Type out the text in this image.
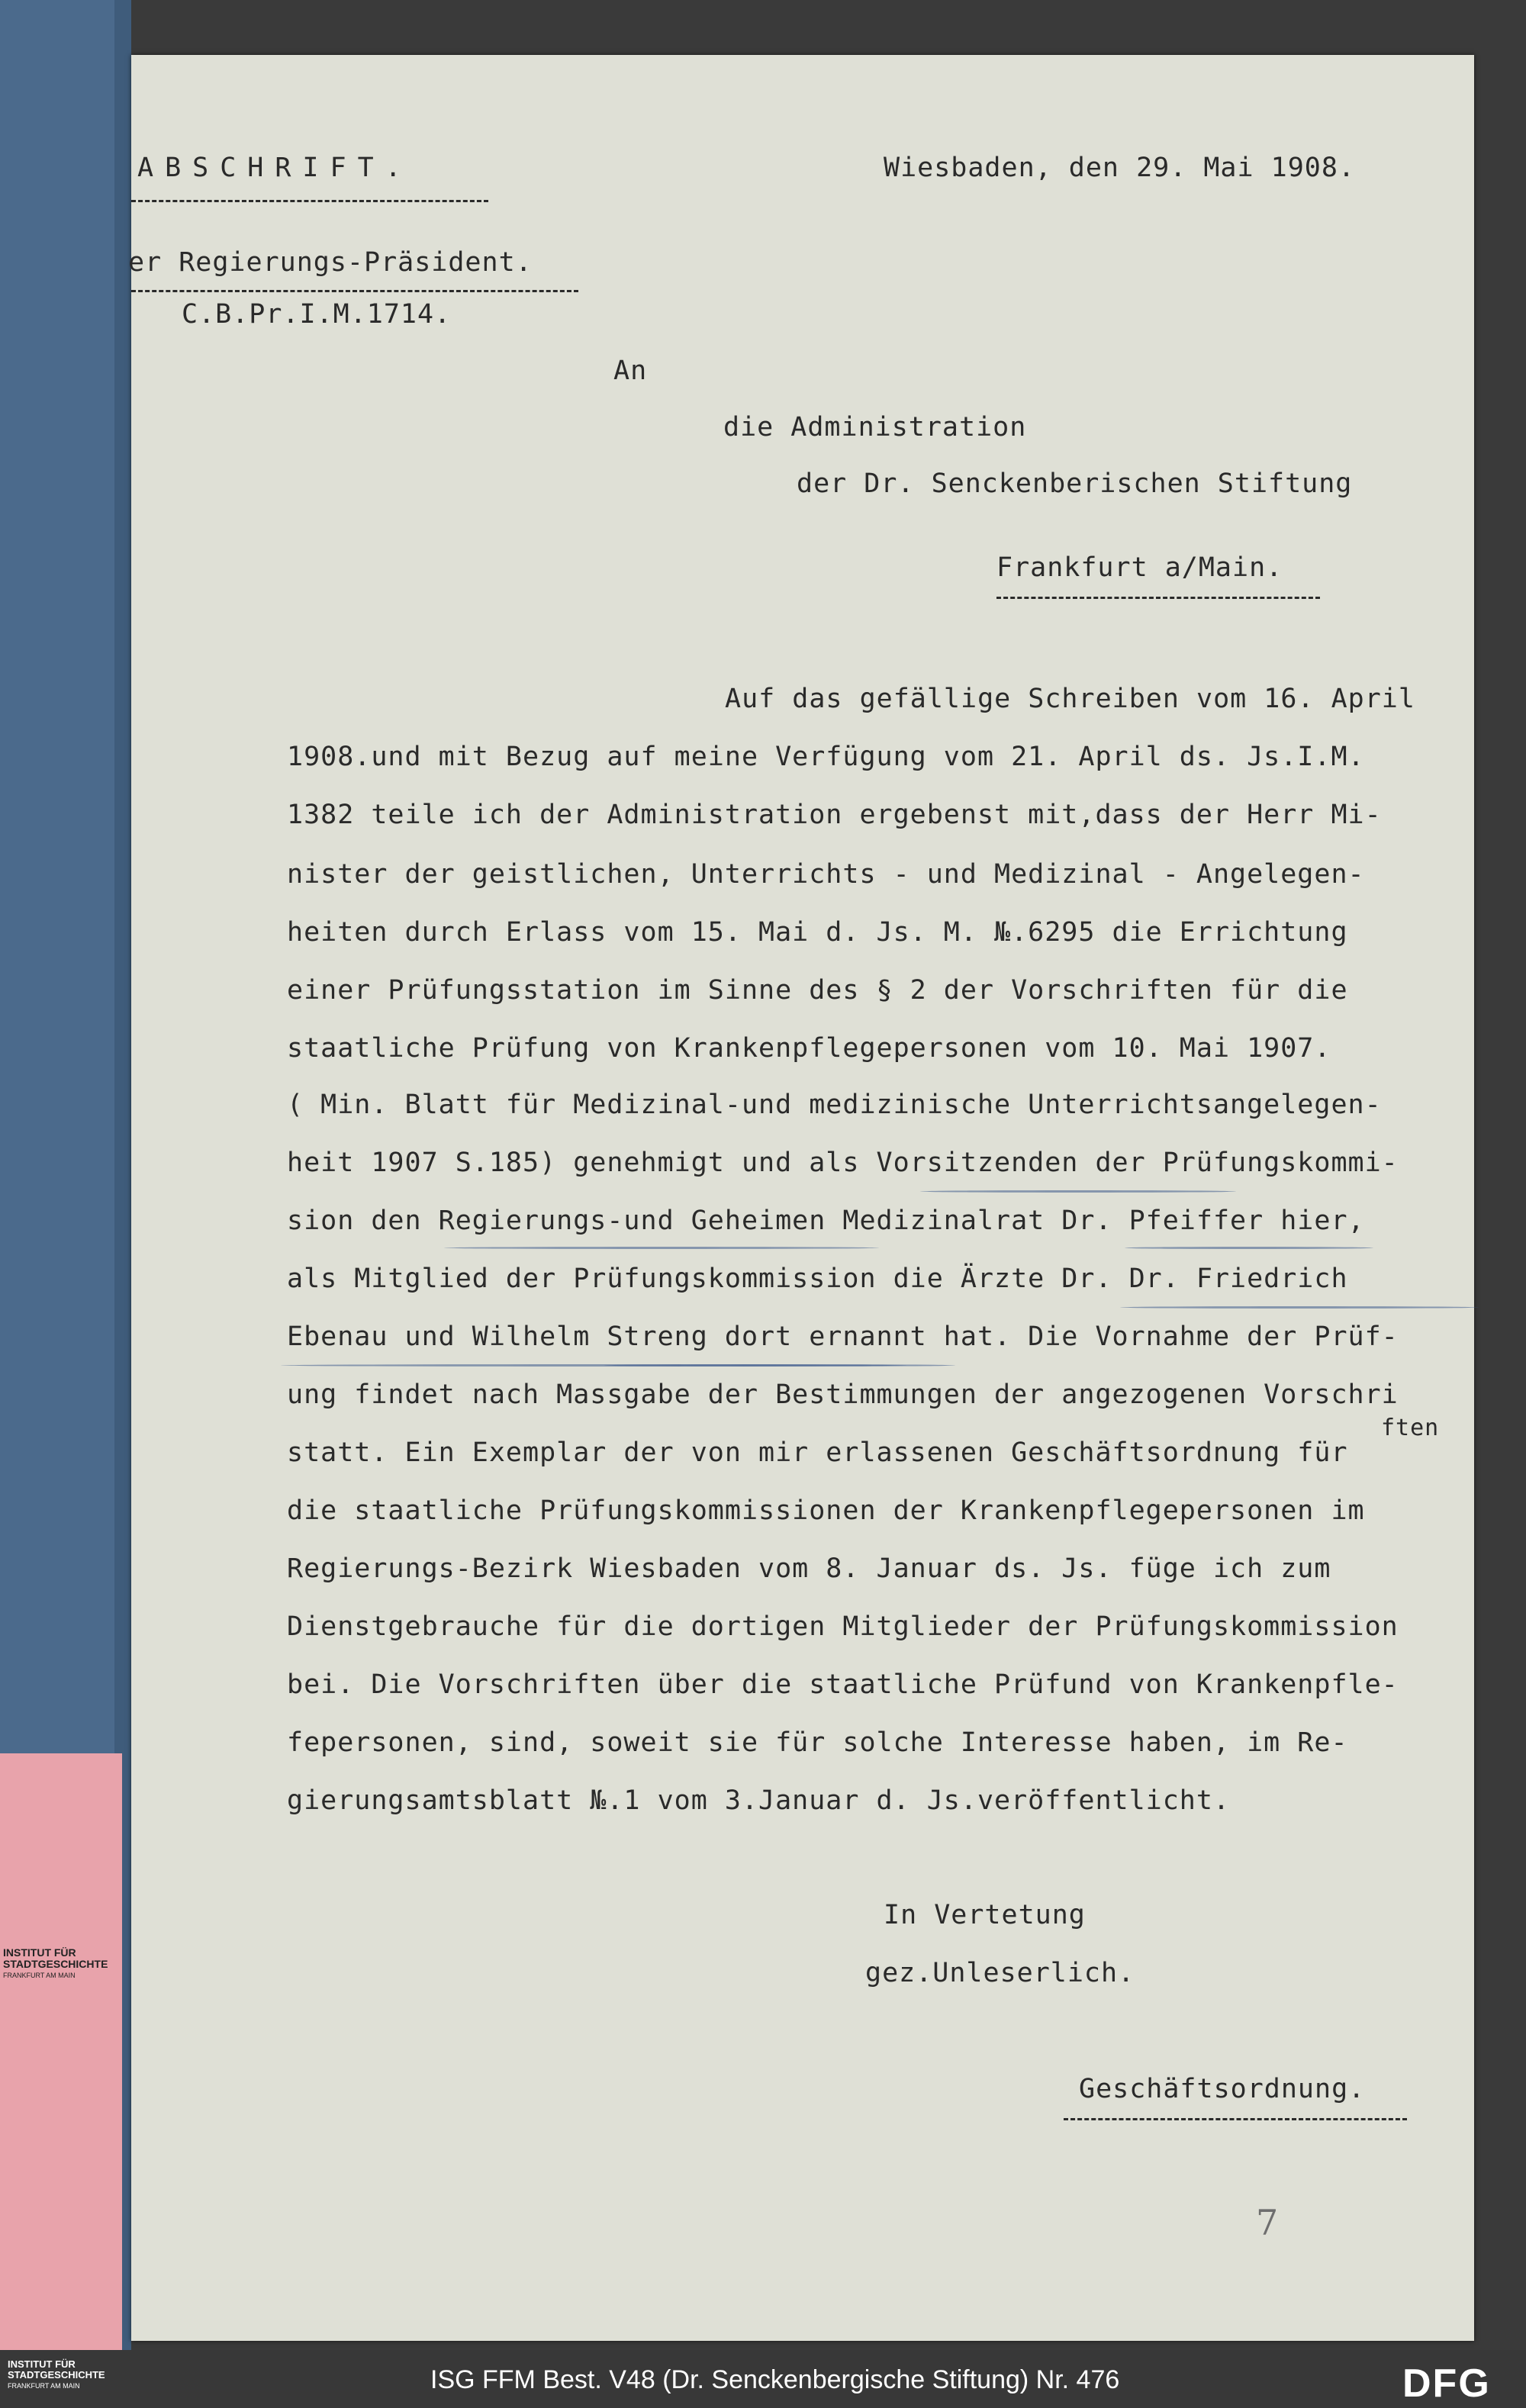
INSTITUT FÜR
STADTGESCHICHTE
FRANKFURT AM MAIN
ABSCHRIFT.	Wiesbaden, den 29. Mai 1908.
er Regierungs-Präsident.
C.B.Pr.I.M.1714.
An
die Administration
der Dr. Senckenberischen Stiftung
Frankfurt a/Main.
Auf das gefällige Schreiben vom 16. April
1908.und mit Bezug auf meine Verfügung vom 21. April ds. Js.I.M.
1382 teile ich der Administration ergebenst mit,dass der Herr Mi-
nister der geistlichen, Unterrichts - und Medizinal - Angelegen-
heiten durch Erlass vom 15. Mai d. Js. M. №.6295 die Errichtung
einer Prüfungsstation im Sinne des § 2 der Vorschriften für die
staatliche Prüfung von Krankenpflegepersonen vom 10. Mai 1907.
( Min. Blatt für Medizinal-und medizinische Unterrichtsangelegen-
heit 1907 S.185) genehmigt und als Vorsitzenden der Prüfungskommi-
sion den Regierungs-und Geheimen Medizinalrat Dr. Pfeiffer hier,
als Mitglied der Prüfungskommission die Ärzte Dr. Dr. Friedrich
Ebenau und Wilhelm Streng dort ernannt hat. Die Vornahme der Prüf-
ung findet nach Massgabe der Bestimmungen der angezogenen Vorschri
ften
statt. Ein Exemplar der von mir erlassenen Geschäftsordnung für
die staatliche Prüfungskommissionen der Krankenpflegepersonen im
Regierungs-Bezirk Wiesbaden vom 8. Januar ds. Js. füge ich zum
Dienstgebrauche für die dortigen Mitglieder der Prüfungskommission
bei. Die Vorschriften über die staatliche Prüfund von Krankenpfle-
fepersonen, sind, soweit sie für solche Interesse haben, im Re-
gierungsamtsblatt №.1 vom 3.Januar d. Js.veröffentlicht.
In Vertetung
gez.Unleserlich.
Geschäftsordnung.
7
INSTITUT FÜR
STADTGESCHICHTE
FRANKFURT AM MAIN	ISG FFM Best. V48 (Dr. Senckenbergische Stiftung) Nr. 476	DFG
